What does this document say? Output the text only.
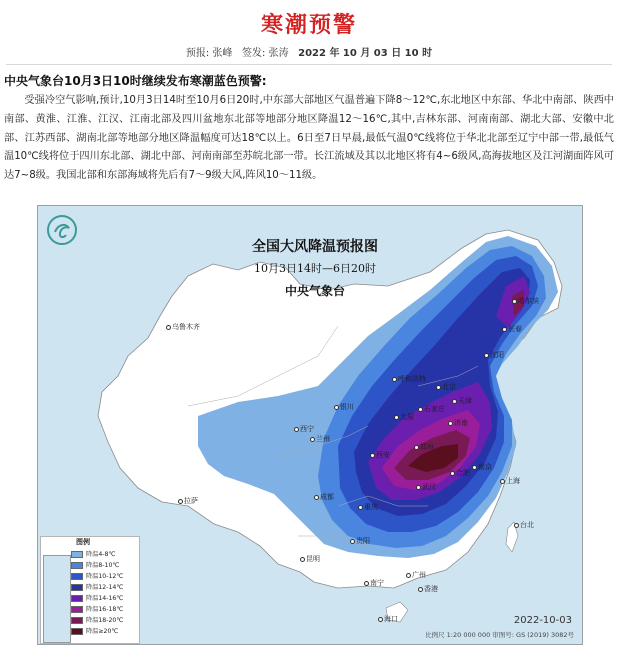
寒潮预警
预报: 张峰 签发: 张涛 2022 年 10 月 03 日 10 时
中央气象台10月3日10时继续发布寒潮蓝色预警:
受强冷空气影响,预计,10月3日14时至10月6日20时,中东部大部地区气温普遍下降8～12℃,东北地区中东部、华北中南部、陕西中南部、黄淮、江淮、江汉、江南北部及四川盆地东北部等地部分地区降温12～16℃,其中,吉林东部、河南南部、湖北大部、安徽中北部、江苏西部、湖南北部等地部分地区降温幅度可达18℃以上。6日至7日早晨,最低气温0℃线将位于华北北部至辽宁中部一带,最低气温10℃线将位于四川东北部、湖北中部、河南南部至苏皖北部一带。长江流域及其以北地区将有4~6级风,高海拔地区及江河湖面阵风可达7~8级。我国北部和东部海域将先后有7～9级大风,阵风10～11级。
全国大风降温预报图
10月3日14时—6日20时
中央气象台
乌鲁木齐
哈尔滨
长春
沈阳
呼和浩特
北京
天津
石家庄
太原
济南
银川
西宁
兰州
西安
郑州
合肥
南京
上海
武汉
成都
重庆
拉萨
贵阳
昆明
南宁
广州
香港
台北
海口
图例
降温4-8℃
降温8-10℃
降温10-12℃
降温12-14℃
降温14-16℃
降温16-18℃
降温18-20℃
降温≥20℃
2022-10-03
比例尺 1:20 000 000 审图号: GS (2019) 3082号
